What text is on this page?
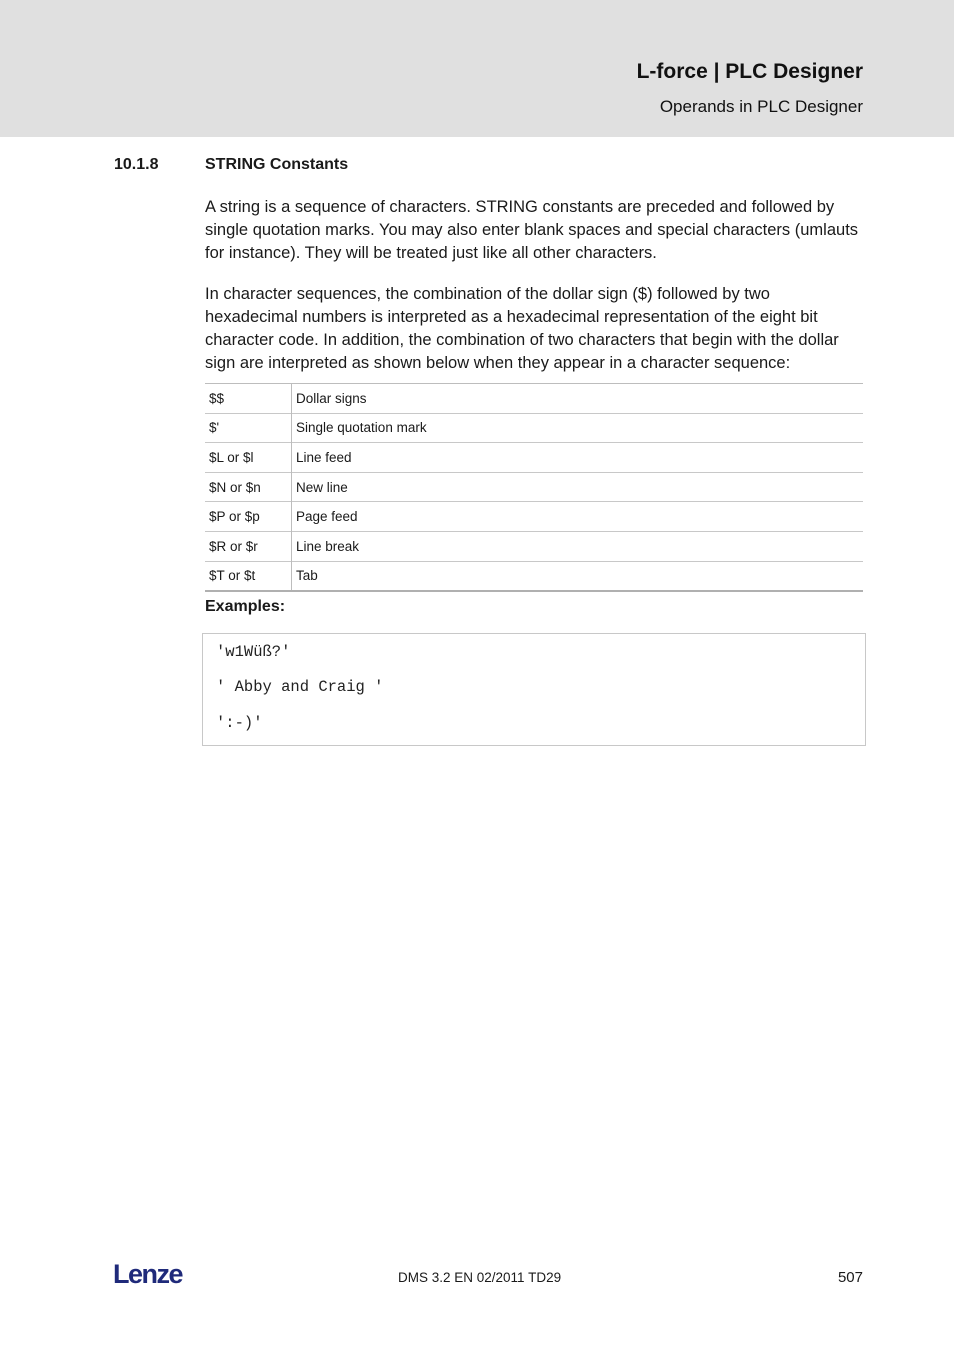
L-force | PLC Designer
Operands in PLC Designer
10.1.8	STRING Constants

A string is a sequence of characters. STRING constants are preceded and followed by single quotation marks. You may also enter blank spaces and special characters (umlauts for instance). They will be treated just like all other characters.

In character sequences, the combination of the dollar sign ($) followed by two hexadecimal numbers is interpreted as a hexadecimal representation of the eight bit character code. In addition, the combination of two characters that begin with the dollar sign are interpreted as shown below when they appear in a character sequence:

$$	Dollar signs
$'	Single quotation mark
$L or $l	Line feed
$N or $n	New line
$P or $p	Page feed
$R or $r	Line break
$T or $t	Tab
Examples:
'w1Wüß?'
' Abby and Craig '
':-)'
Lenze	DMS 3.2 EN 02/2011 TD29	507
